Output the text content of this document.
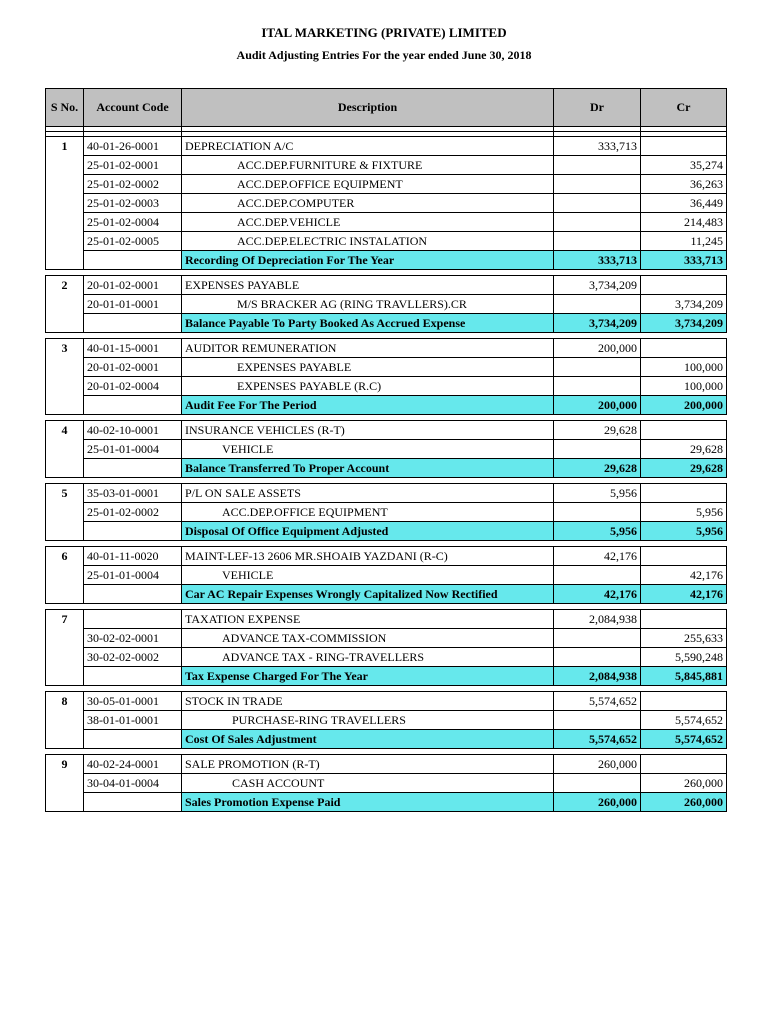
ITAL MARKETING (PRIVATE) LIMITED
Audit Adjusting Entries For the year ended June 30, 2018
S No.	Account Code	Description	Dr	Cr

1	40-01-26-0001	DEPRECIATION A/C	333,713	
	25-01-02-0001	ACC.DEP.FURNITURE & FIXTURE		35,274
	25-01-02-0002	ACC.DEP.OFFICE EQUIPMENT		36,263
	25-01-02-0003	ACC.DEP.COMPUTER		36,449
	25-01-02-0004	ACC.DEP.VEHICLE		214,483
	25-01-02-0005	ACC.DEP.ELECTRIC INSTALATION		11,245
		Recording Of Depreciation For The Year	333,713	333,713

2	20-01-02-0001	EXPENSES PAYABLE	3,734,209	
	20-01-01-0001	M/S BRACKER AG (RING TRAVLLERS).CR		3,734,209
		Balance Payable To Party Booked As Accrued Expense	3,734,209	3,734,209

3	40-01-15-0001	AUDITOR REMUNERATION	200,000	
	20-01-02-0001	EXPENSES PAYABLE		100,000
	20-01-02-0004	EXPENSES PAYABLE (R.C)		100,000
		Audit Fee For The Period	200,000	200,000

4	40-02-10-0001	INSURANCE VEHICLES (R-T)	29,628	
	25-01-01-0004	VEHICLE		29,628
		Balance Transferred To Proper Account	29,628	29,628

5	35-03-01-0001	P/L ON SALE ASSETS	5,956	
	25-01-02-0002	ACC.DEP.OFFICE EQUIPMENT		5,956
		Disposal Of Office Equipment Adjusted	5,956	5,956

6	40-01-11-0020	MAINT-LEF-13 2606 MR.SHOAIB YAZDANI (R-C)	42,176	
	25-01-01-0004	VEHICLE		42,176
		Car AC Repair Expenses Wrongly Capitalized Now Rectified	42,176	42,176

7		TAXATION EXPENSE	2,084,938	
	30-02-02-0001	ADVANCE TAX-COMMISSION		255,633
	30-02-02-0002	ADVANCE TAX - RING-TRAVELLERS		5,590,248
		Tax Expense Charged For The Year	2,084,938	5,845,881

8	30-05-01-0001	STOCK IN TRADE	5,574,652	
	38-01-01-0001	PURCHASE-RING TRAVELLERS		5,574,652
		Cost Of Sales Adjustment	5,574,652	5,574,652

9	40-02-24-0001	SALE PROMOTION (R-T)	260,000	
	30-04-01-0004	CASH ACCOUNT		260,000
		Sales Promotion Expense Paid	260,000	260,000
